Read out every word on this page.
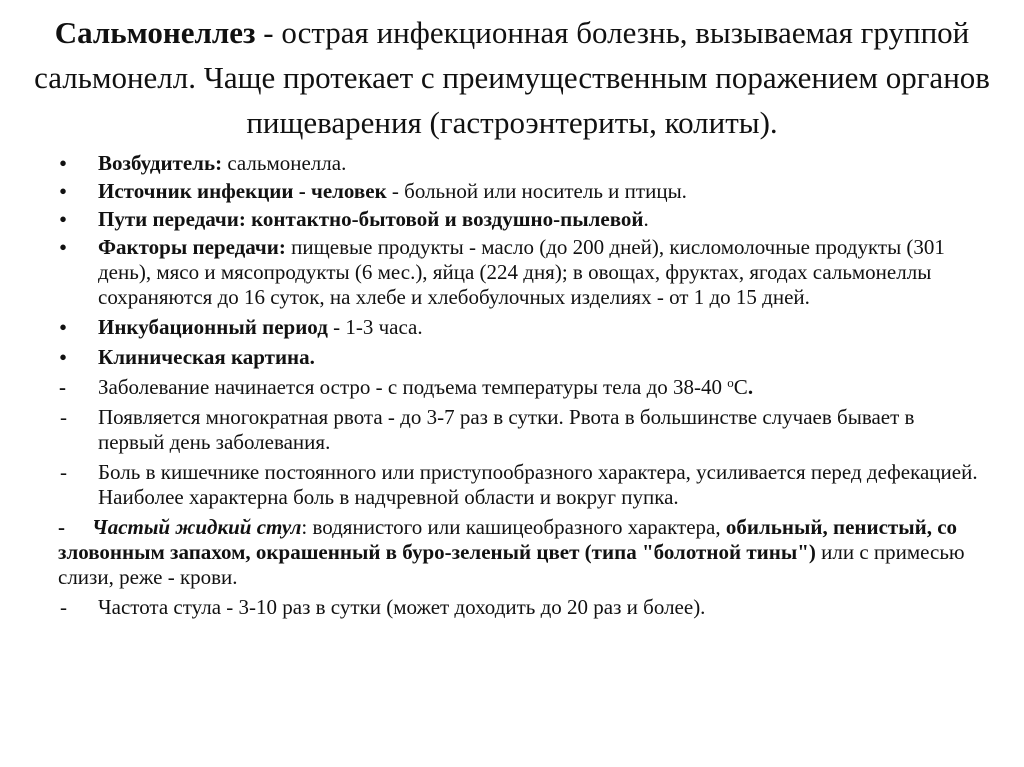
Сальмонеллез - острая инфекционная болезнь, вызываемая группой сальмонелл. Чаще протекает с преимущественным поражением органов пищеварения (гастроэнтериты, колиты).
• Возбудитель: сальмонелла.
• Источник инфекции - человек - больной или носитель и птицы.
• Пути передачи: контактно-бытовой и воздушно-пылевой.
• Факторы передачи: пищевые продукты - масло (до 200 дней), кисломолочные продукты (301 день), мясо и мясопродукты (6 мес.), яйца (224 дня); в овощах, фруктах, ягодах сальмонеллы сохраняются до 16 суток, на хлебе и хлебобулочных изделиях - от 1 до 15 дней.
• Инкубационный период - 1-3 часа.
• Клиническая картина.
- Заболевание начинается остро - с подъема температуры тела до 38-40 $^o$С.
- Появляется многократная рвота - до 3-7 раз в сутки. Рвота в большинстве случаев бывает в первый день заболевания.
- Боль в кишечнике постоянного или приступообразного характера, усиливается перед дефекацией. Наиболее характерна боль в надчревной области и вокруг пупка.
- Частый жидкий стул: водянистого или кашицеобразного характера, обильный, пенистый, со зловонным запахом, окрашенный в буро-зеленый цвет (типа "болотной тины") или с примесью слизи, реже - крови.
- Частота стула - 3-10 раз в сутки (может доходить до 20 раз и более).
